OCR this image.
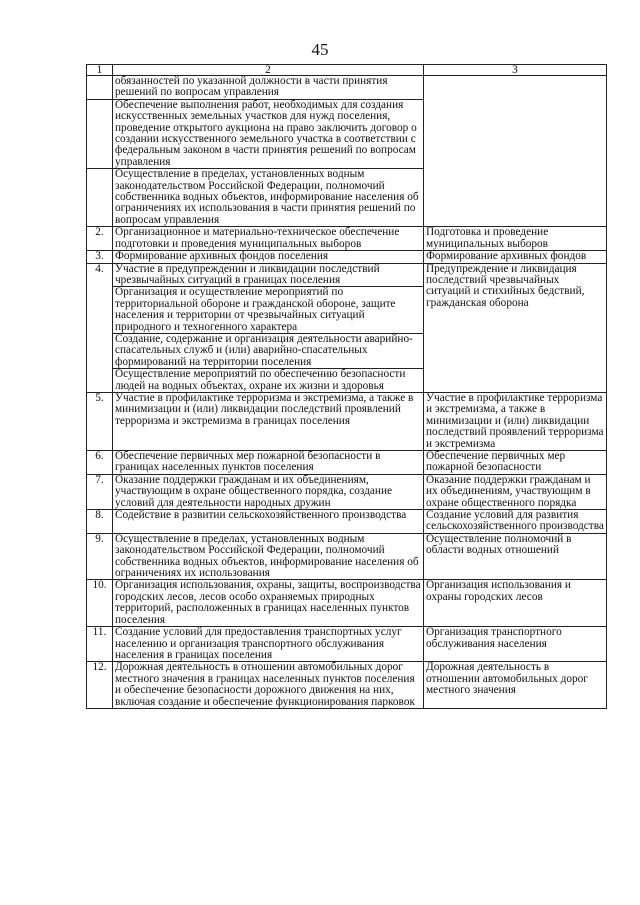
45
1	2	3
	обязанностей по указанной должности в части принятия решений по вопросам управления	
	Обеспечение выполнения работ, необходимых для создания искусственных земельных участков для нужд поселения, проведение открытого аукциона на право заключить договор о создании искусственного земельного участка в соответствии с федеральным законом в части принятия решений по вопросам управления	
	Осуществление в пределах, установленных водным законодательством Российской Федерации, полномочий собственника водных объектов, информирование населения об ограничениях их использования в части принятия решений по вопросам управления	
2.	Организационное и материально-техническое обеспечение подготовки и проведения муниципальных выборов	Подготовка и проведение муниципальных выборов
3.	Формирование архивных фондов поселения	Формирование архивных фондов
4.	Участие в предупреждении и ликвидации последствий чрезвычайных ситуаций в границах поселения	Предупреждение и ликвидация последствий чрезвычайных ситуаций и стихийных бедствий, гражданская оборона
	Организация и осуществление мероприятий по территориальной обороне и гражданской обороне, защите населения и территории от чрезвычайных ситуаций природного и техногенного характера	
	Создание, содержание и организация деятельности аварийно-спасательных служб и (или) аварийно-спасательных формирований на территории поселения	
	Осуществление мероприятий по обеспечению безопасности людей на водных объектах, охране их жизни и здоровья	
5.	Участие в профилактике терроризма и экстремизма, а также в минимизации и (или) ликвидации последствий проявлений терроризма и экстремизма в границах поселения	Участие в профилактике терроризма и экстремизма, а также в минимизации и (или) ликвидации последствий проявлений терроризма и экстремизма
6.	Обеспечение первичных мер пожарной безопасности в границах населенных пунктов поселения	Обеспечение первичных мер пожарной безопасности
7.	Оказание поддержки гражданам и их объединениям, участвующим в охране общественного порядка, создание условий для деятельности народных дружин	Оказание поддержки гражданам и их объединениям, участвующим в охране общественного порядка
8.	Содействие в развитии сельскохозяйственного производства	Создание условий для развития сельскохозяйственного производства
9.	Осуществление в пределах, установленных водным законодательством Российской Федерации, полномочий собственника водных объектов, информирование населения об ограничениях их использования	Осуществление полномочий в области водных отношений
10.	Организация использования, охраны, защиты, воспроизводства городских лесов, лесов особо охраняемых природных территорий, расположенных в границах населенных пунктов поселения	Организация использования и охраны городских лесов
11.	Создание условий для предоставления транспортных услуг населению и организация транспортного обслуживания населения в границах поселения	Организация транспортного обслуживания населения
12.	Дорожная деятельность в отношении автомобильных дорог местного значения в границах населенных пунктов поселения и обеспечение безопасности дорожного движения на них, включая создание и обеспечение функционирования парковок	Дорожная деятельность в отношении автомобильных дорог местного значения
